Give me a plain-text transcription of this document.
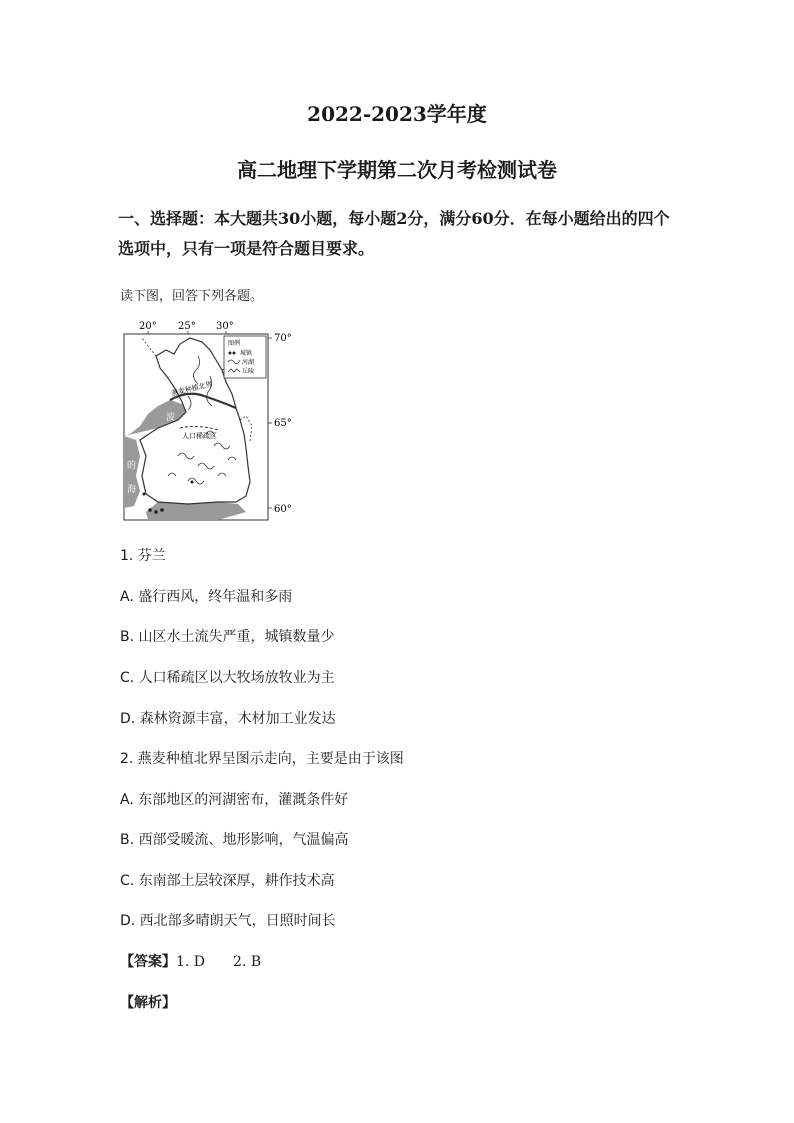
2022-2023学年度
高二地理下学期第二次月考检测试卷
一、选择题：本大题共30小题，每小题2分，满分60分．在每小题给出的四个选项中，只有一项是符合题目要求。
读下图，回答下列各题。
20° 25° 30°
70°
65°
60°
波
罗
的
海
燕麦种植北界
人口稀疏区
图例
城镇
河湖
丘陵
1. 芬兰
A. 盛行西风，终年温和多雨
B. 山区水土流失严重，城镇数量少
C. 人口稀疏区以大牧场放牧业为主
D. 森林资源丰富，木材加工业发达
2. 燕麦种植北界呈图示走向，主要是由于该图
A. 东部地区的河湖密布，灌溉条件好
B. 西部受暖流、地形影响，气温偏高
C. 东南部土层较深厚，耕作技术高
D. 西北部多晴朗天气，日照时间长
【答案】1. D 2. B
【解析】
